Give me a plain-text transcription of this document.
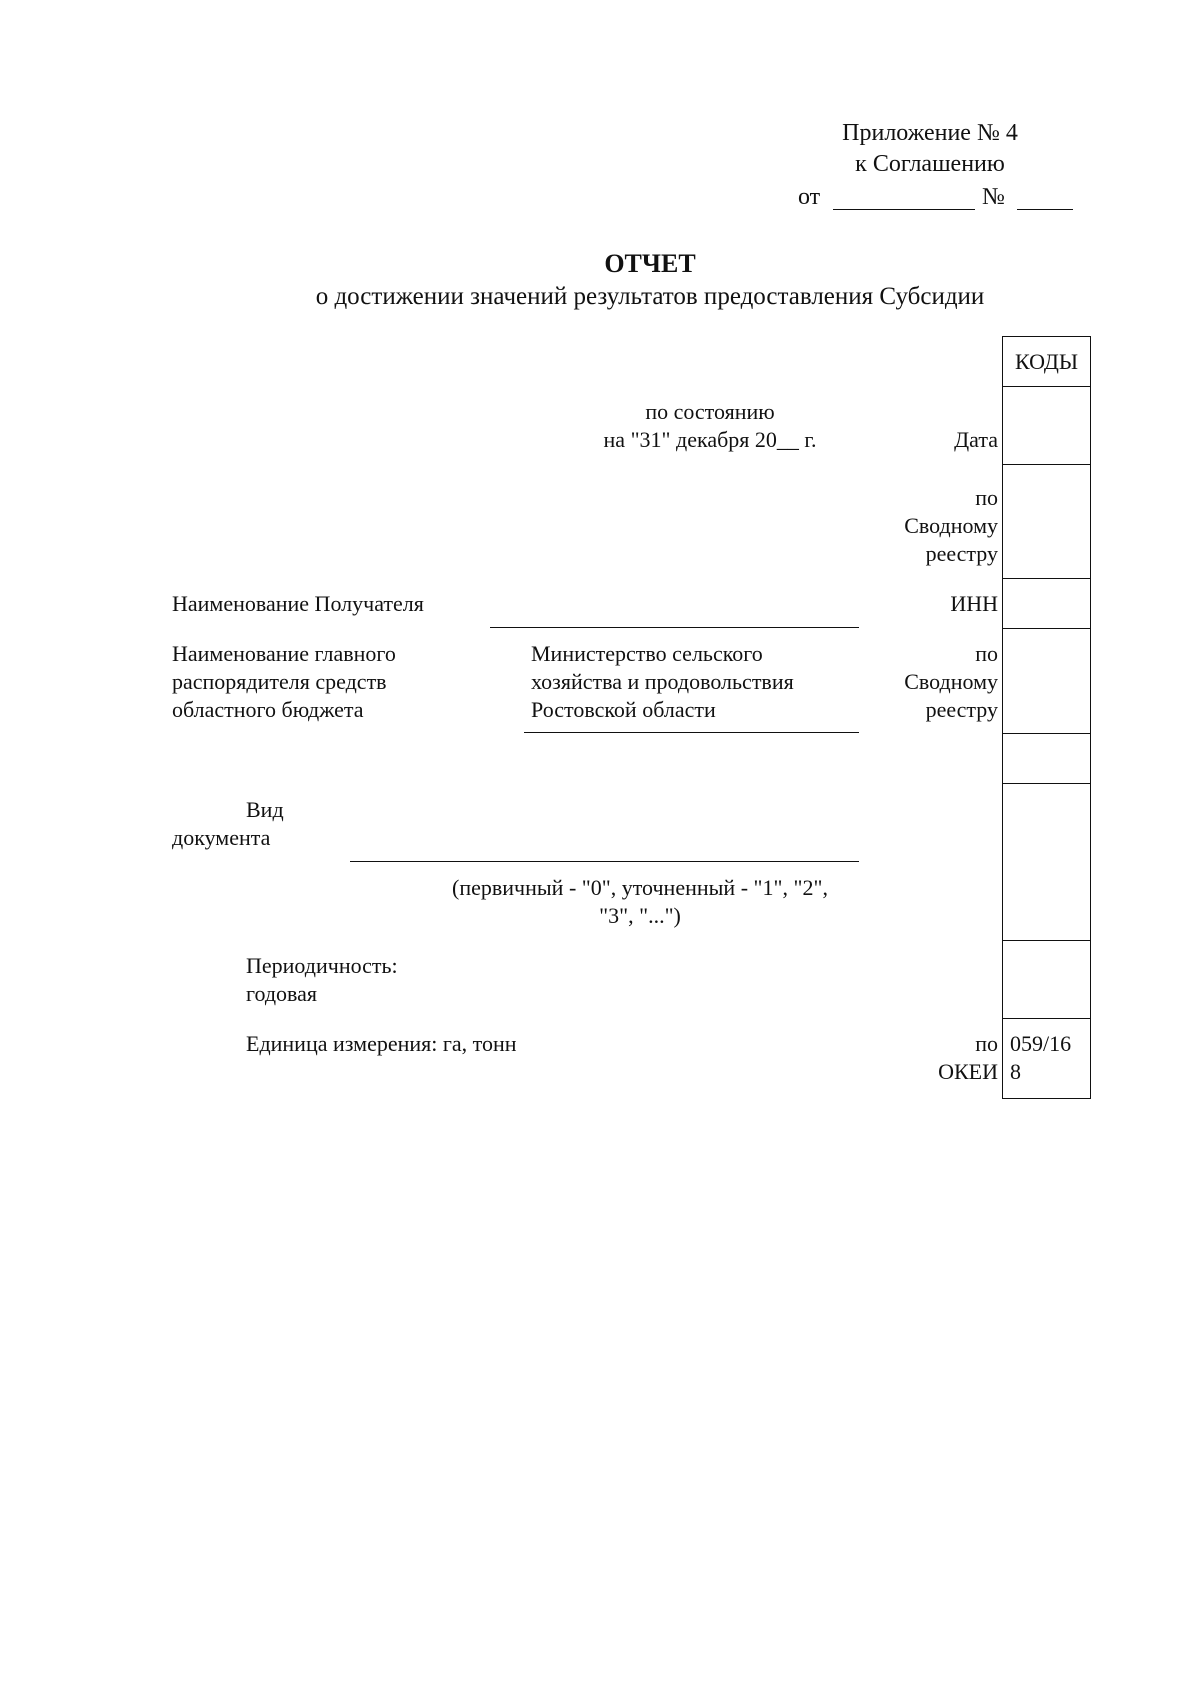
Приложение № 4
к Соглашению
от	№
ОТЧЕТ
о достижении значений результатов предоставления Субсидии
КОДЫ
059/16
8
по состоянию
на "31" декабря 20__ г.	Дата
по
Сводному
реестру
ИНН
по
Сводному
реестру
по
ОКЕИ
Наименование Получателя
Наименование главного
распорядителя средств
областного бюджета
Министерство сельского
хозяйства и продовольствия
Ростовской области
Вид
документа
(первичный - "0", уточненный - "1", "2",
"3", "...")
Периодичность:
годовая
Единица измерения: га, тонн
